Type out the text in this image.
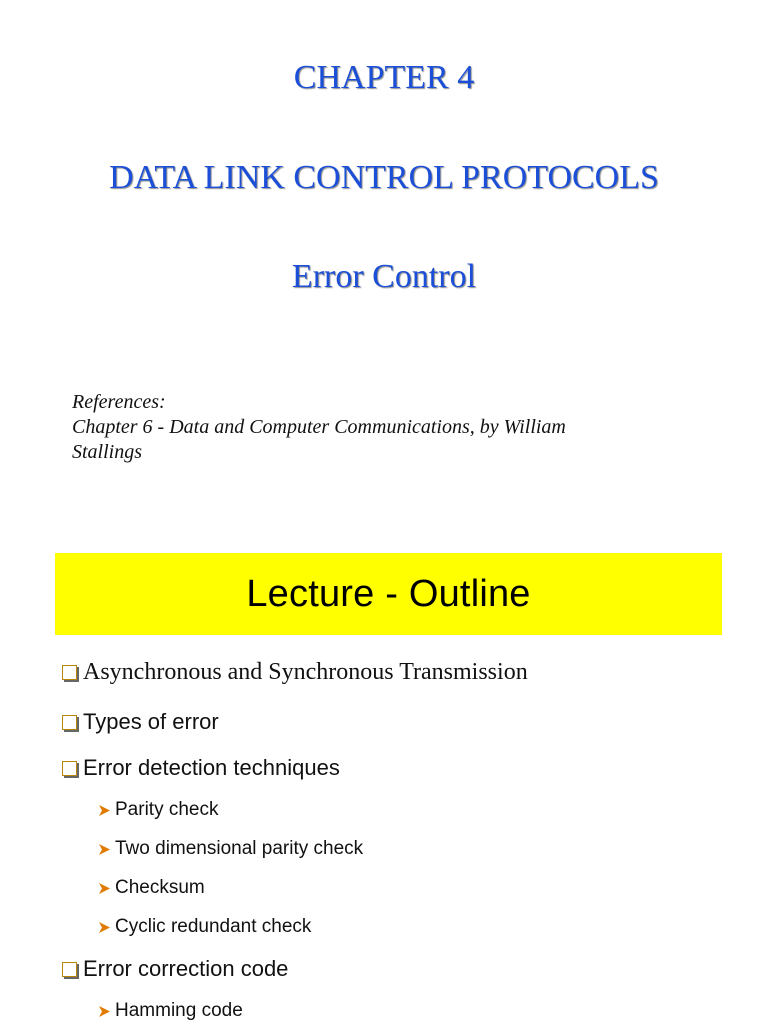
CHAPTER 4
DATA LINK CONTROL PROTOCOLS
Error Control
References:
Chapter 6 - Data and Computer Communications, by William
Stallings
Lecture - Outline
Asynchronous and Synchronous Transmission
Types of error
Error detection techniques
Parity check
Two dimensional parity check
Checksum
Cyclic redundant check
Error correction code
Hamming code
